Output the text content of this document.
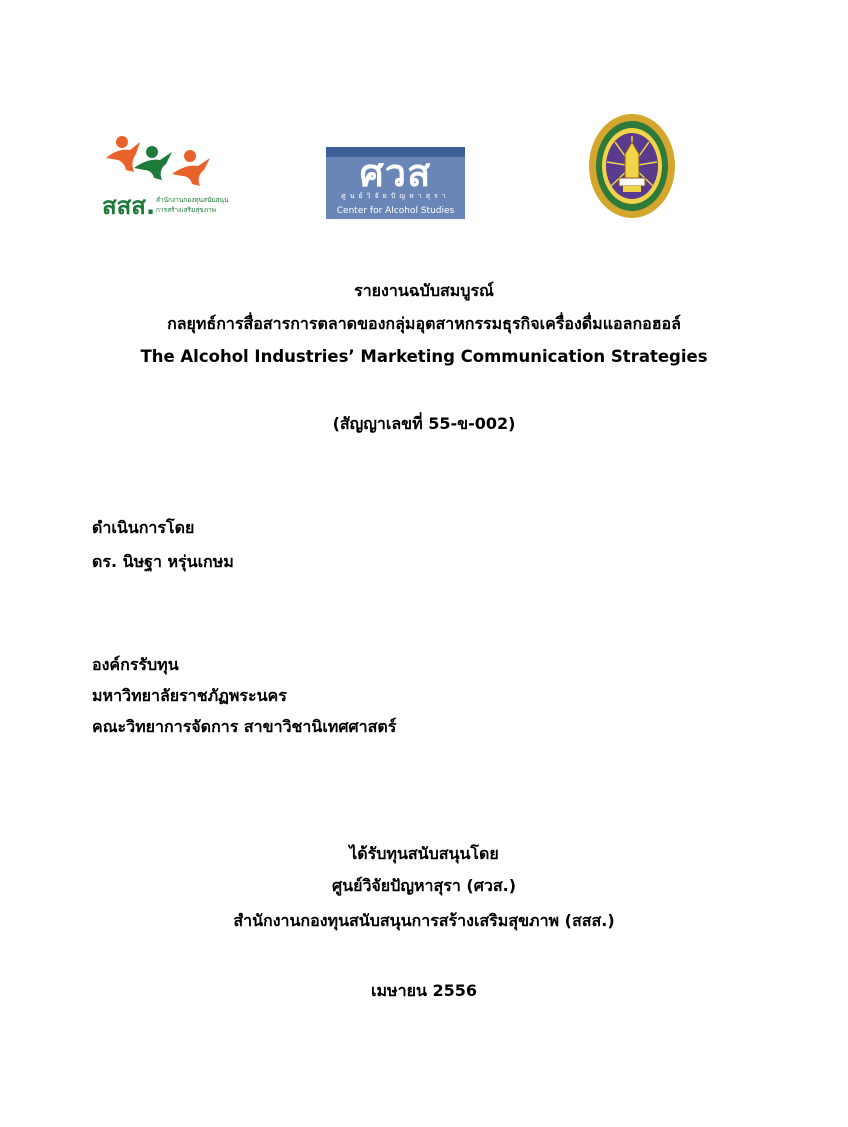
สสส. สำนักงานกองทุนสนับสนุน
การสร้างเสริมสุขภาพ
ศวส
ศูนย์วิจัยปัญหาสุรา
Center for Alcohol Studies
รายงานฉบับสมบูรณ์
กลยุทธ์การสื่อสารการตลาดของกลุ่มอุตสาหกรรมธุรกิจเครื่องดื่มแอลกอฮอล์
The Alcohol Industries’ Marketing Communication Strategies
(สัญญาเลขที่ 55-ข-002)
ดำเนินการโดย
ดร. นิษฐา หรุ่นเกษม
องค์กรรับทุน
มหาวิทยาลัยราชภัฏพระนคร
คณะวิทยาการจัดการ สาขาวิชานิเทศศาสตร์
ได้รับทุนสนับสนุนโดย
ศูนย์วิจัยปัญหาสุรา (ศวส.)
สำนักงานกองทุนสนับสนุนการสร้างเสริมสุขภาพ (สสส.)
เมษายน 2556
